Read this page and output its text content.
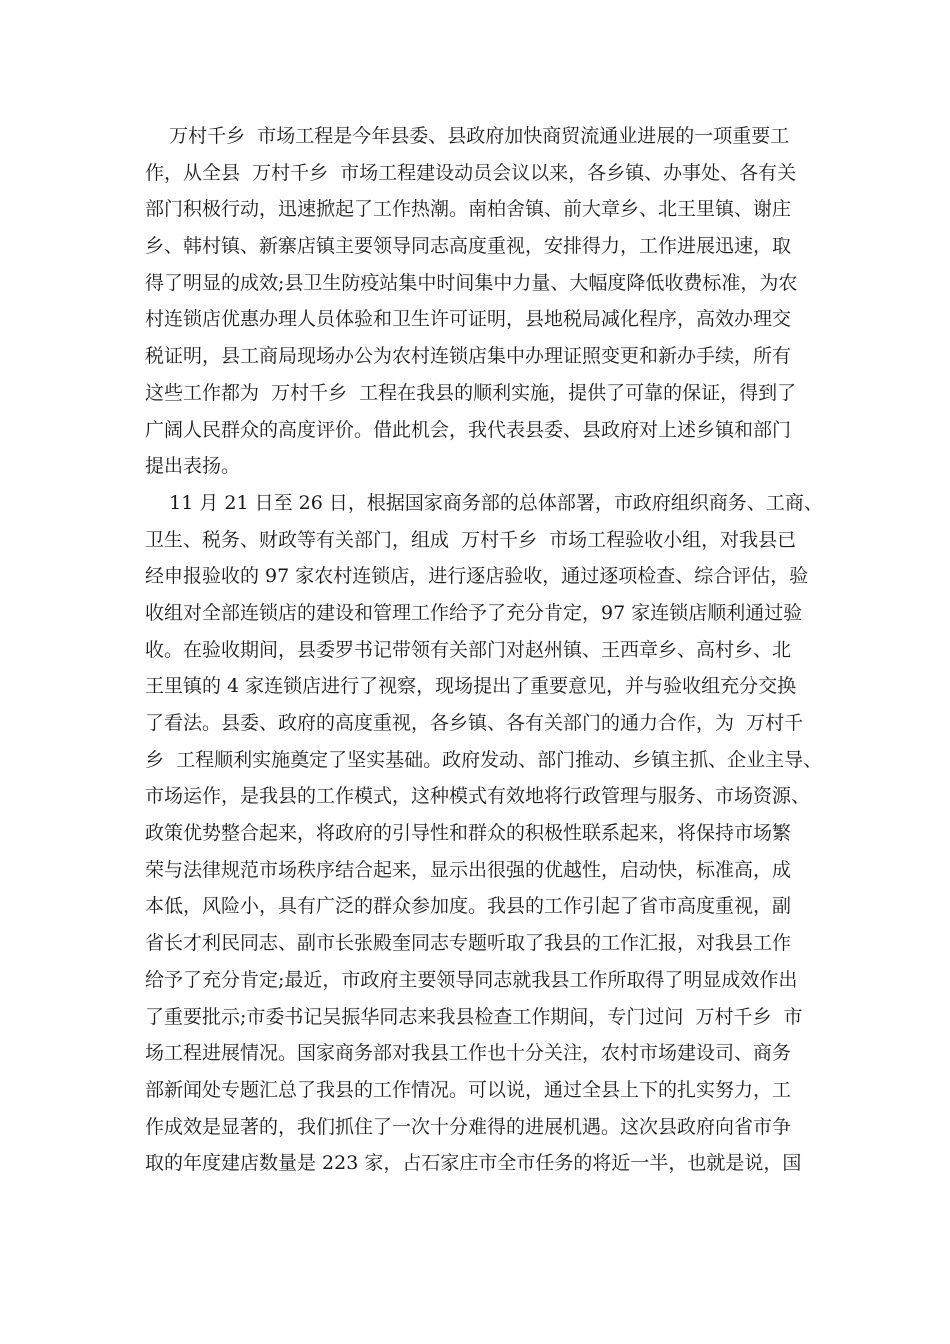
万村千乡  市场工程是今年县委、县政府加快商贸流通业进展的一项重要工
作，从全县  万村千乡  市场工程建设动员会议以来，各乡镇、办事处、各有关
部门积极行动，迅速掀起了工作热潮。南柏舍镇、前大章乡、北王里镇、谢庄
乡、韩村镇、新寨店镇主要领导同志高度重视，安排得力，工作进展迅速，取
得了明显的成效;县卫生防疫站集中时间集中力量、大幅度降低收费标准，为农
村连锁店优惠办理人员体验和卫生许可证明，县地税局减化程序，高效办理交
税证明，县工商局现场办公为农村连锁店集中办理证照变更和新办手续，所有
这些工作都为  万村千乡  工程在我县的顺利实施，提供了可靠的保证，得到了
广阔人民群众的高度评价。借此机会，我代表县委、县政府对上述乡镇和部门
提出表扬。
11 月 21 日至 26 日，根据国家商务部的总体部署，市政府组织商务、工商、
卫生、税务、财政等有关部门，组成  万村千乡  市场工程验收小组，对我县已
经申报验收的 97 家农村连锁店，进行逐店验收，通过逐项检查、综合评估，验
收组对全部连锁店的建设和管理工作给予了充分肯定，97 家连锁店顺利通过验
收。在验收期间，县委罗书记带领有关部门对赵州镇、王西章乡、高村乡、北
王里镇的 4 家连锁店进行了视察，现场提出了重要意见，并与验收组充分交换
了看法。县委、政府的高度重视，各乡镇、各有关部门的通力合作，为  万村千
乡  工程顺利实施奠定了坚实基础。政府发动、部门推动、乡镇主抓、企业主导、
市场运作，是我县的工作模式，这种模式有效地将行政管理与服务、市场资源、
政策优势整合起来，将政府的引导性和群众的积极性联系起来，将保持市场繁
荣与法律规范市场秩序结合起来，显示出很强的优越性，启动快，标准高，成
本低，风险小，具有广泛的群众参加度。我县的工作引起了省市高度重视，副
省长才利民同志、副市长张殿奎同志专题听取了我县的工作汇报，对我县工作
给予了充分肯定;最近，市政府主要领导同志就我县工作所取得了明显成效作出
了重要批示;市委书记吴振华同志来我县检查工作期间，专门过问  万村千乡  市
场工程进展情况。国家商务部对我县工作也十分关注，农村市场建设司、商务
部新闻处专题汇总了我县的工作情况。可以说，通过全县上下的扎实努力，工
作成效是显著的，我们抓住了一次十分难得的进展机遇。这次县政府向省市争
取的年度建店数量是 223 家，占石家庄市全市任务的将近一半，也就是说，国
